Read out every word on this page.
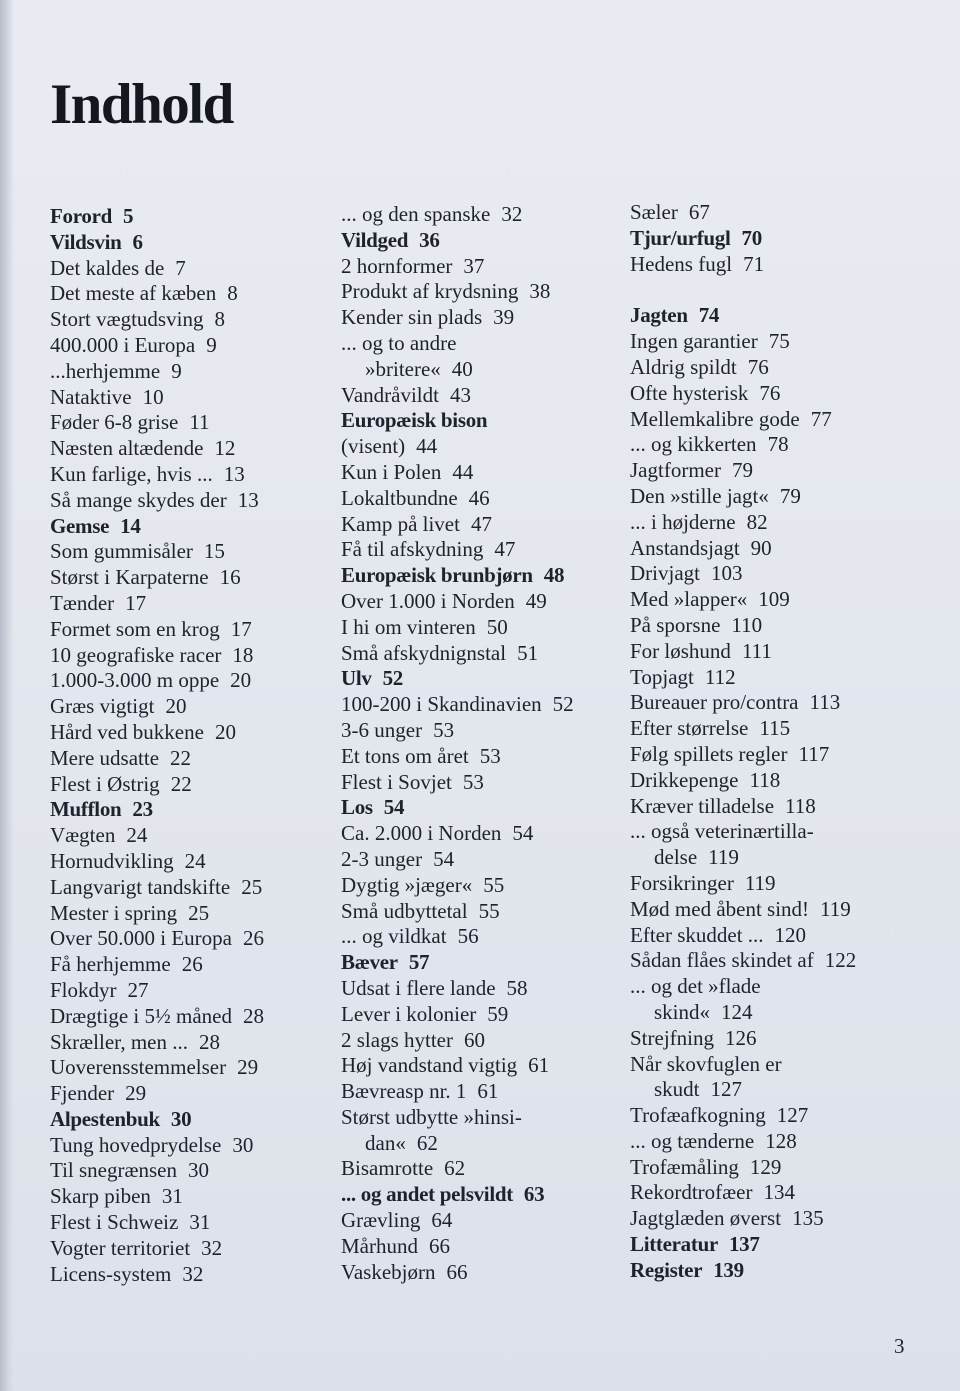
Indhold
Forord 5
Vildsvin 6
Det kaldes de 7
Det meste af kæben 8
Stort vægtudsving 8
400.000 i Europa 9
...herhjemme 9
Nataktive 10
Føder 6-8 grise 11
Næsten altædende 12
Kun farlige, hvis ... 13
Så mange skydes der 13
Gemse 14
Som gummisåler 15
Størst i Karpaterne 16
Tænder 17
Formet som en krog 17
10 geografiske racer 18
1.000-3.000 m oppe 20
Græs vigtigt 20
Hård ved bukkene 20
Mere udsatte 22
Flest i Østrig 22
Mufflon 23
Vægten 24
Hornudvikling 24
Langvarigt tandskifte 25
Mester i spring 25
Over 50.000 i Europa 26
Få herhjemme 26
Flokdyr 27
Drægtige i 5½ måned 28
Skræller, men ... 28
Uoverensstemmelser 29
Fjender 29
Alpestenbuk 30
Tung hovedprydelse 30
Til snegrænsen 30
Skarp piben 31
Flest i Schweiz 31
Vogter territoriet 32
Licens-system 32
... og den spanske 32
Vildged 36
2 hornformer 37
Produkt af krydsning 38
Kender sin plads 39
... og to andre
»britere« 40
Vandråvildt 43
Europæisk bison
(visent) 44
Kun i Polen 44
Lokaltbundne 46
Kamp på livet 47
Få til afskydning 47
Europæisk brunbjørn 48
Over 1.000 i Norden 49
I hi om vinteren 50
Små afskydnignstal 51
Ulv 52
100-200 i Skandinavien 52
3-6 unger 53
Et tons om året 53
Flest i Sovjet 53
Los 54
Ca. 2.000 i Norden 54
2-3 unger 54
Dygtig »jæger« 55
Små udbyttetal 55
... og vildkat 56
Bæver 57
Udsat i flere lande 58
Lever i kolonier 59
2 slags hytter 60
Høj vandstand vigtig 61
Bævreasp nr. 1 61
Størst udbytte »hinsi-
dan« 62
Bisamrotte 62
... og andet pelsvildt 63
Grævling 64
Mårhund 66
Vaskebjørn 66
Sæler 67
Tjur/urfugl 70
Hedens fugl 71
Jagten 74
Ingen garantier 75
Aldrig spildt 76
Ofte hysterisk 76
Mellemkalibre gode 77
... og kikkerten 78
Jagtformer 79
Den »stille jagt« 79
... i højderne 82
Anstandsjagt 90
Drivjagt 103
Med »lapper« 109
På sporsne 110
For løshund 111
Topjagt 112
Bureauer pro/contra 113
Efter størrelse 115
Følg spillets regler 117
Drikkepenge 118
Kræver tilladelse 118
... også veterinærtilla-
delse 119
Forsikringer 119
Mød med åbent sind! 119
Efter skuddet ... 120
Sådan flåes skindet af 122
... og det »flade
skind« 124
Strejfning 126
Når skovfuglen er
skudt 127
Trofæafkogning 127
... og tænderne 128
Trofæmåling 129
Rekordtrofæer 134
Jagtglæden øverst 135
Litteratur 137
Register 139
3
